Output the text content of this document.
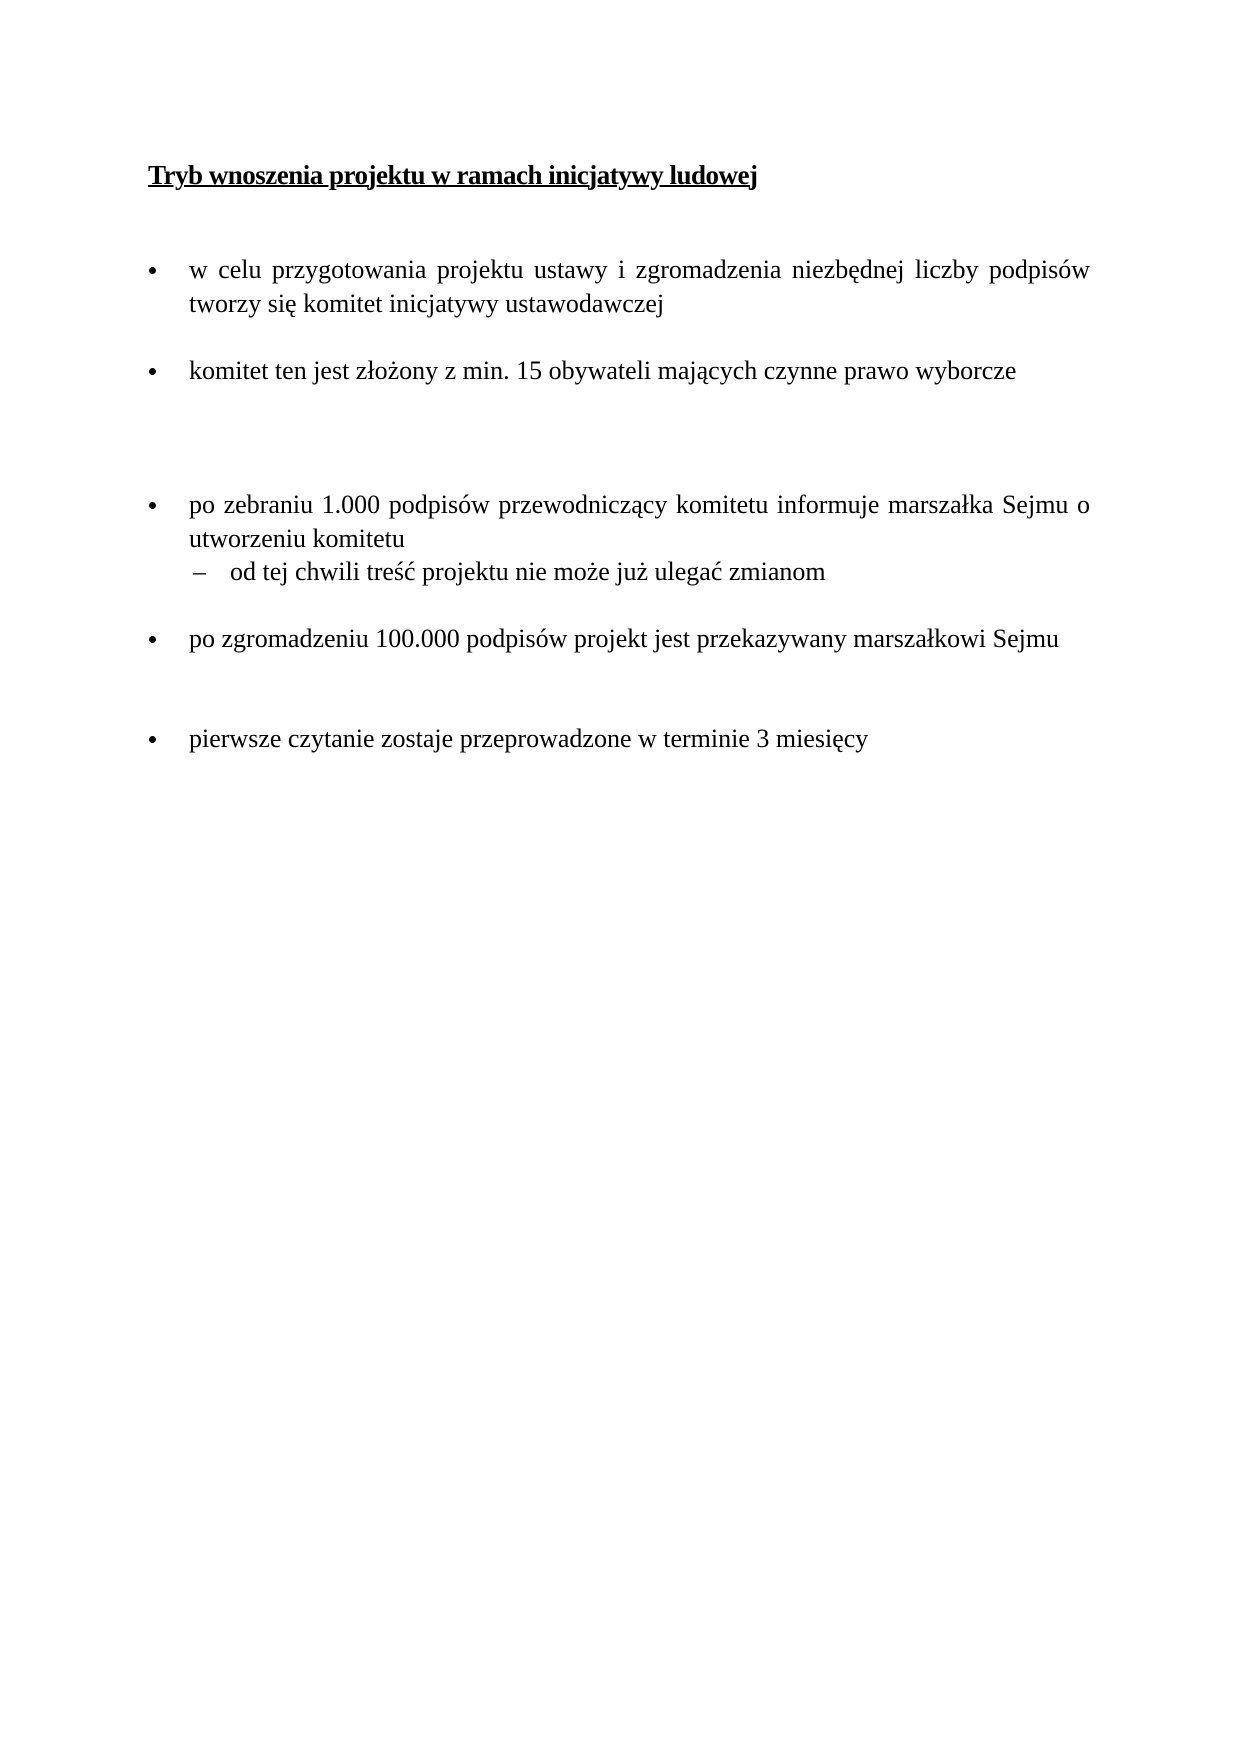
Tryb wnoszenia projektu w ramach inicjatywy ludowej
w celu przygotowania projektu ustawy i zgromadzenia niezbędnej liczby podpisów tworzy się komitet inicjatywy ustawodawczej
komitet ten jest złożony z min. 15 obywateli mających czynne prawo wyborcze
po zebraniu 1.000 podpisów przewodniczący komitetu informuje marszałka Sejmu o utworzeniu komitetu
– od tej chwili treść projektu nie może już ulegać zmianom
po zgromadzeniu 100.000 podpisów projekt jest przekazywany marszałkowi Sejmu
pierwsze czytanie zostaje przeprowadzone w terminie 3 miesięcy
